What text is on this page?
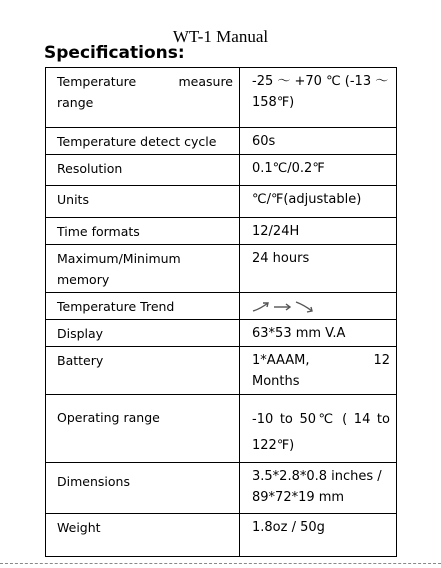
WT-1 Manual
Specifications:
Temperature measure range	-25 ～ +70 ℃ (-13 ～ 158℉)
Temperature detect cycle	60s
Resolution	0.1℃/0.2℉
Units	℃/℉(adjustable)
Time formats	12/24H
Maximum/Minimum memory	24 hours
Temperature Trend	
Display	63*53 mm V.A
Battery	1*AAAM, 12 Months
Operating range	-10 to 50℃ ( 14 to 122℉)
Dimensions	3.5*2.8*0.8 inches / 89*72*19 mm
Weight	1.8oz / 50g
